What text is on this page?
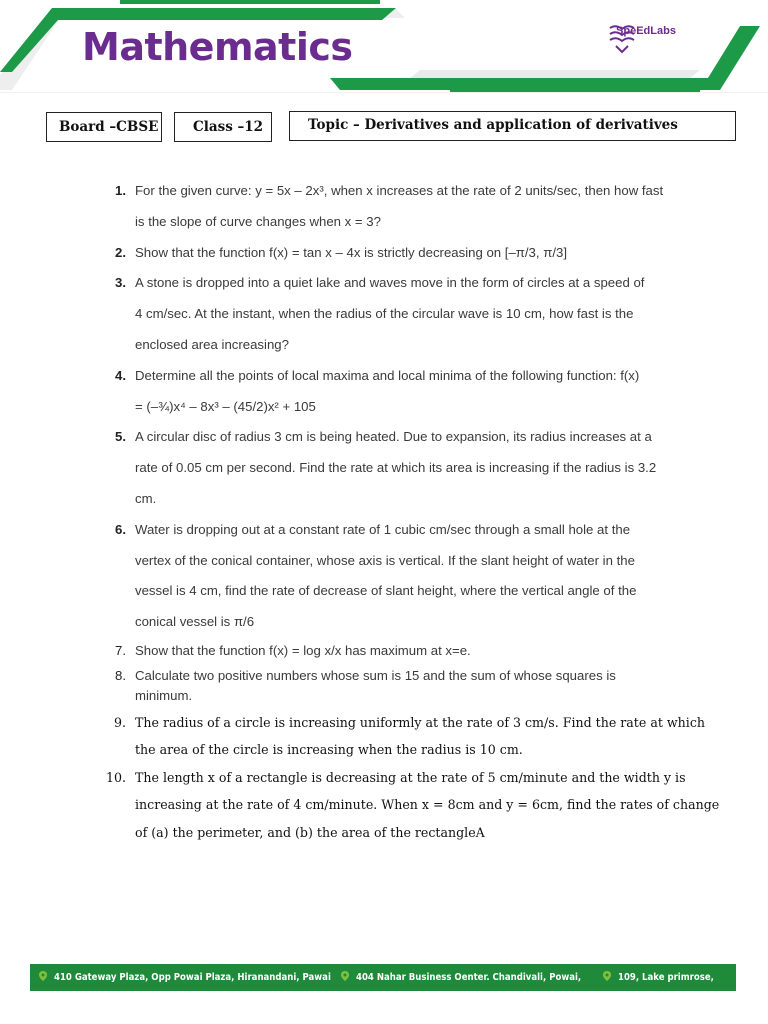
Mathematics	SpeEdLabs
Board –CBSE	Class –12	Topic – Derivatives and application of derivatives
1. For the given curve: y = 5x – 2x³, when x increases at the rate of 2 units/sec, then how fast

is the slope of curve changes when x = 3?

2. Show that the function f(x) = tan x – 4x is strictly decreasing on [–π/3, π/3]

3. A stone is dropped into a quiet lake and waves move in the form of circles at a speed of

4 cm/sec. At the instant, when the radius of the circular wave is 10 cm, how fast is the

enclosed area increasing?

4. Determine all the points of local maxima and local minima of the following function: f(x)

= (–¾)x⁴ – 8x³ – (45/2)x² + 105

5. A circular disc of radius 3 cm is being heated. Due to expansion, its radius increases at a

rate of 0.05 cm per second. Find the rate at which its area is increasing if the radius is 3.2

cm.

6. Water is dropping out at a constant rate of 1 cubic cm/sec through a small hole at the

vertex of the conical container, whose axis is vertical. If the slant height of water in the

vessel is 4 cm, find the rate of decrease of slant height, where the vertical angle of the

conical vessel is π/6

7. Show that the function f(x) = log x/x has maximum at x=e.

8. Calculate two positive numbers whose sum is 15 and the sum of whose squares is

minimum.

9. The radius of a circle is increasing uniformly at the rate of 3 cm/s. Find the rate at which

the area of the circle is increasing when the radius is 10 cm.

10. The length x of a rectangle is decreasing at the rate of 5 cm/minute and the width y is

increasing at the rate of 4 cm/minute. When x = 8cm and y = 6cm, find the rates of change

of (a) the perimeter, and (b) the area of the rectangleA

410 Gateway Plaza, Opp Powai Plaza, Hiranandani, Pawai	404 Nahar Business Oenter. Chandivali, Powai,	109, Lake primrose,
